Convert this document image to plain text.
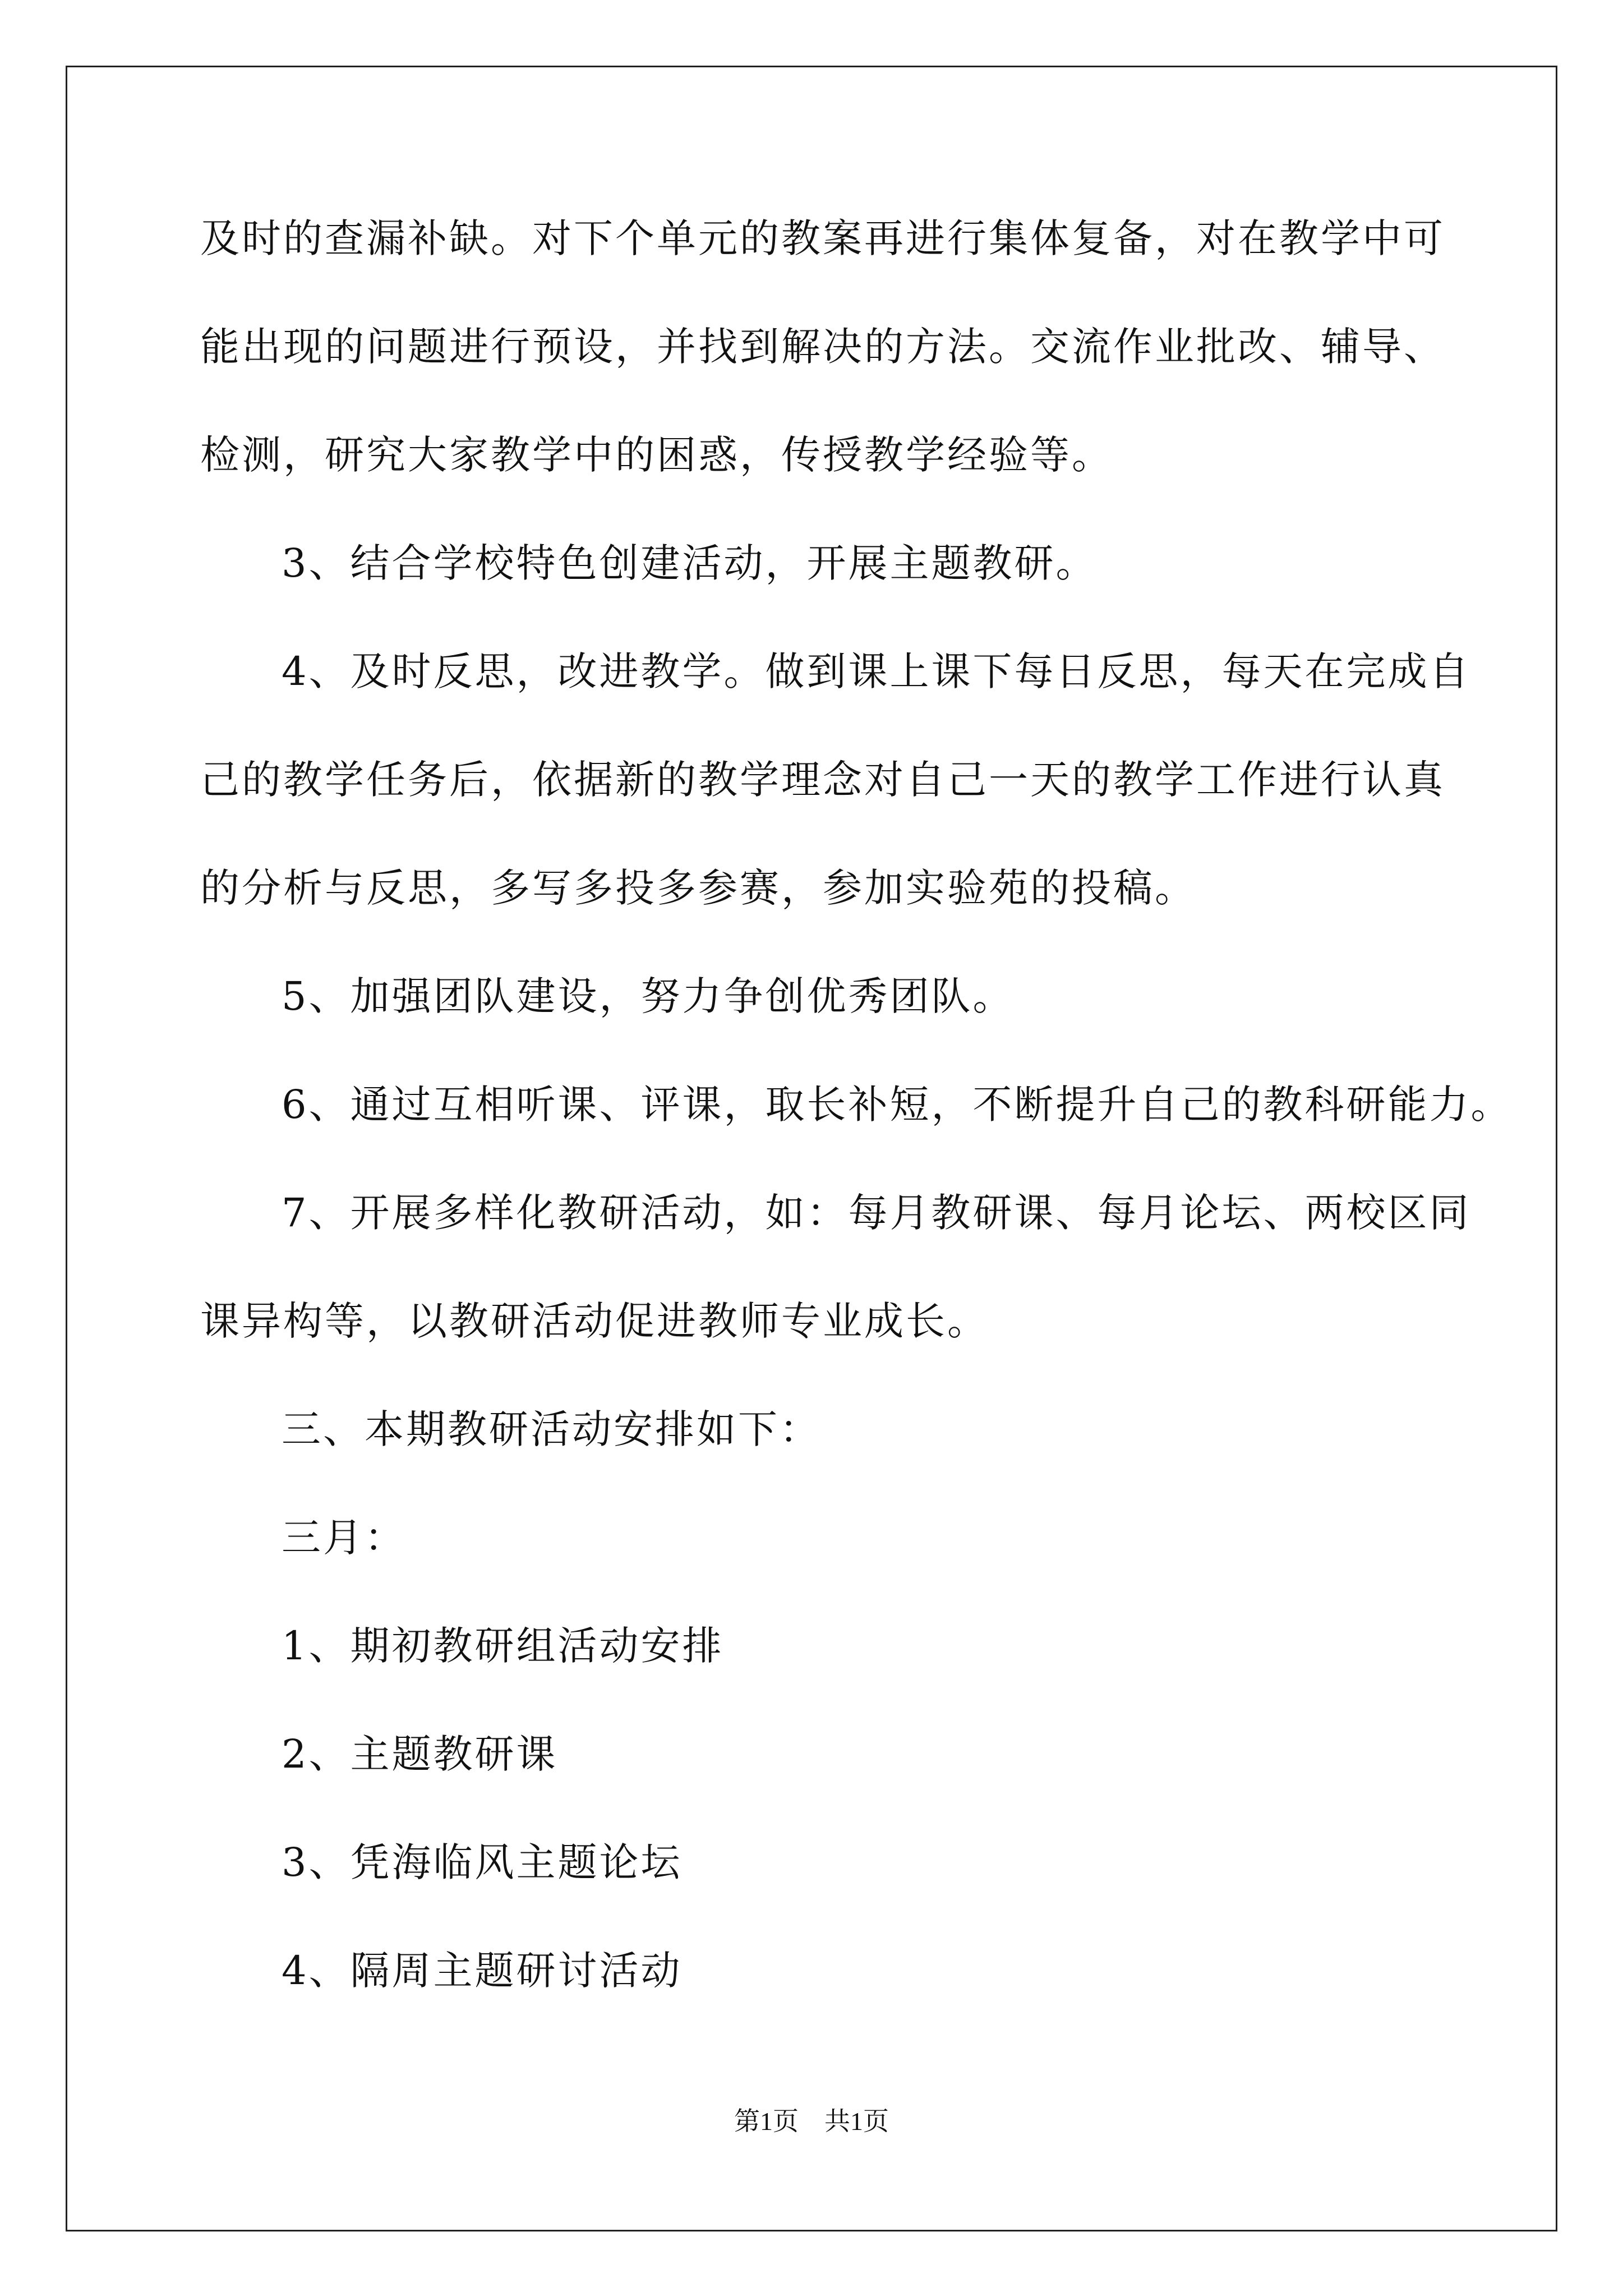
及时的查漏补缺。对下个单元的教案再进行集体复备，对在教学中可
能出现的问题进行预设，并找到解决的方法。交流作业批改、辅导、
检测，研究大家教学中的困惑，传授教学经验等。
3、结合学校特色创建活动，开展主题教研。
4、及时反思，改进教学。做到课上课下每日反思，每天在完成自
己的教学任务后，依据新的教学理念对自己一天的教学工作进行认真
的分析与反思，多写多投多参赛，参加实验苑的投稿。
5、加强团队建设，努力争创优秀团队。
6、通过互相听课、评课，取长补短，不断提升自己的教科研能力。
7、开展多样化教研活动，如：每月教研课、每月论坛、两校区同
课异构等，以教研活动促进教师专业成长。
三、本期教研活动安排如下：
三月：
1、期初教研组活动安排
2、主题教研课
3、凭海临风主题论坛
4、隔周主题研讨活动
第1页　共1页
